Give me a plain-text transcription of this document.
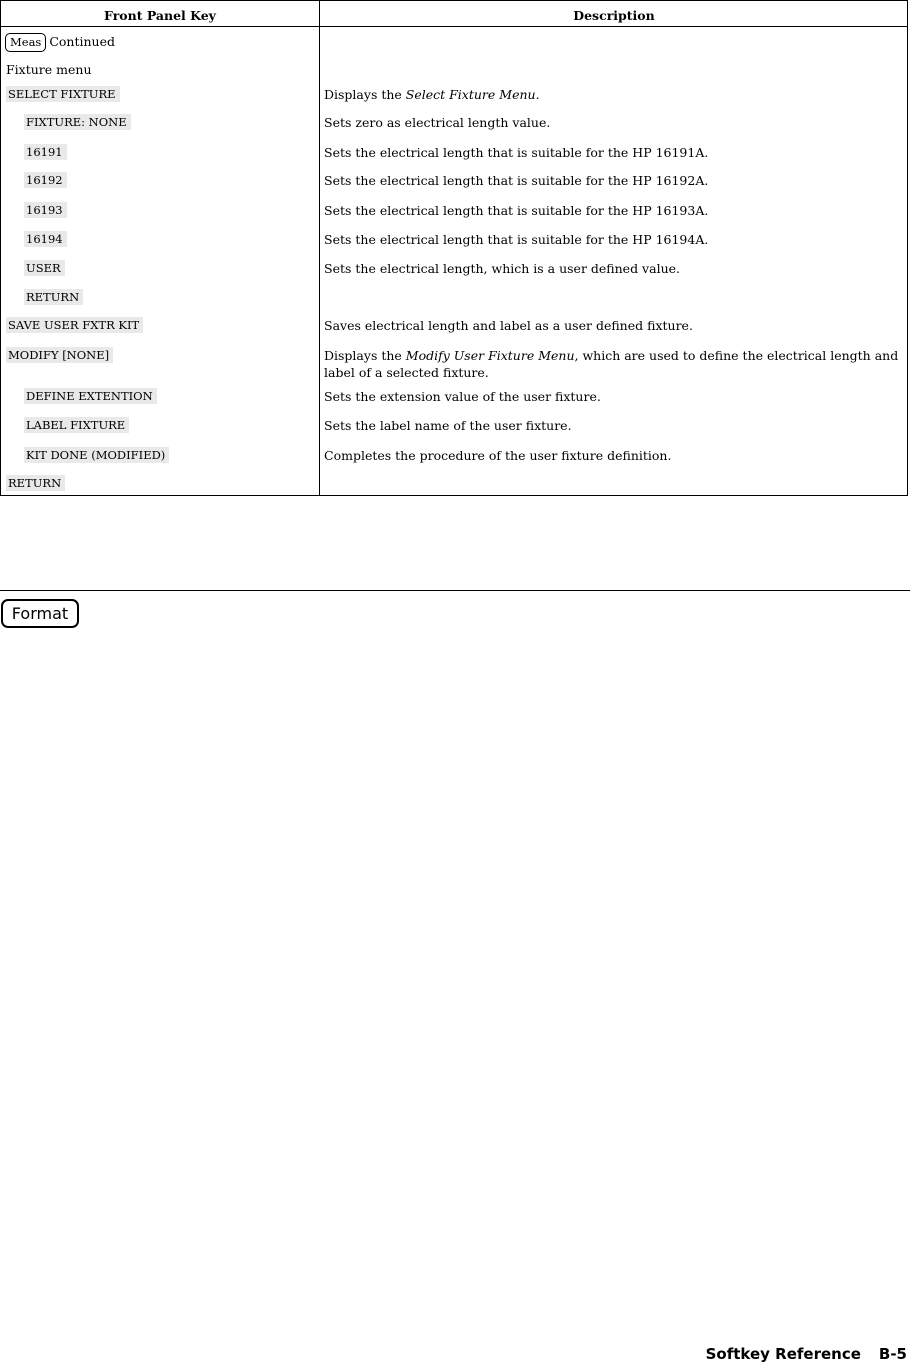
Front Panel Key	Description
Meas Continued
Fixture menu
SELECT FIXTURE	Displays the Select Fixture Menu.
FIXTURE: NONE	Sets zero as electrical length value.
16191	Sets the electrical length that is suitable for the HP 16191A.
16192	Sets the electrical length that is suitable for the HP 16192A.
16193	Sets the electrical length that is suitable for the HP 16193A.
16194	Sets the electrical length that is suitable for the HP 16194A.
USER	Sets the electrical length, which is a user defined value.
RETURN
SAVE USER FXTR KIT	Saves electrical length and label as a user defined fixture.
MODIFY [NONE]	Displays the Modify User Fixture Menu, which are used to define the electrical length and label of a selected fixture.
DEFINE EXTENTION	Sets the extension value of the user fixture.
LABEL FIXTURE	Sets the label name of the user fixture.
KIT DONE (MODIFIED)	Completes the procedure of the user fixture definition.
RETURN
Format
Softkey Reference B-5
